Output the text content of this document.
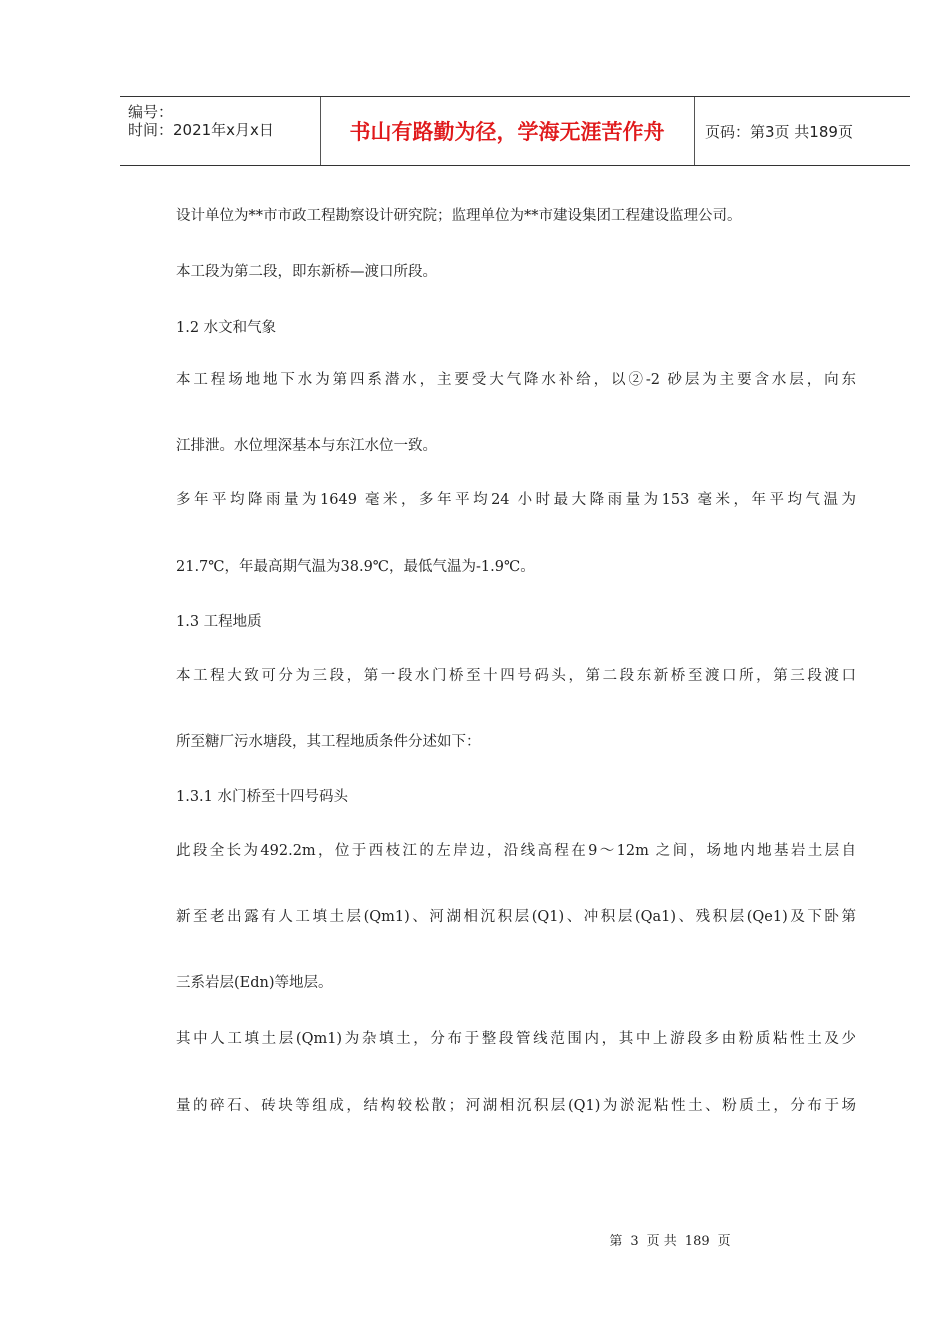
编号：
时间：2021年x月x日	书山有路勤为径，学海无涯苦作舟	页码：第3页 共189页
设计单位为**市市政工程勘察设计研究院；监理单位为**市建设集团工程建设监理公司。
本工段为第二段，即东新桥—渡口所段。
1.2 水文和气象
本工程场地地下水为第四系潜水，主要受大气降水补给，以②-2 砂层为主要含水层，向东
江排泄。水位埋深基本与东江水位一致。
多年平均降雨量为1649 毫米，多年平均24 小时最大降雨量为153 毫米，年平均气温为
21.7℃，年最高期气温为38.9℃，最低气温为-1.9℃。
1.3 工程地质
本工程大致可分为三段，第一段水门桥至十四号码头，第二段东新桥至渡口所，第三段渡口
所至糖厂污水塘段，其工程地质条件分述如下：
1.3.1 水门桥至十四号码头
此段全长为492.2m，位于西枝江的左岸边，沿线高程在9～12m 之间，场地内地基岩土层自
新至老出露有人工填土层(Qm1)、河湖相沉积层(Q1)、冲积层(Qa1)、残积层(Qe1)及下卧第
三系岩层(Edn)等地层。
其中人工填土层(Qm1)为杂填土，分布于整段管线范围内，其中上游段多由粉质粘性土及少
量的碎石、砖块等组成，结构较松散；河湖相沉积层(Q1)为淤泥粘性土、粉质土，分布于场
第 3 页 共 189 页
